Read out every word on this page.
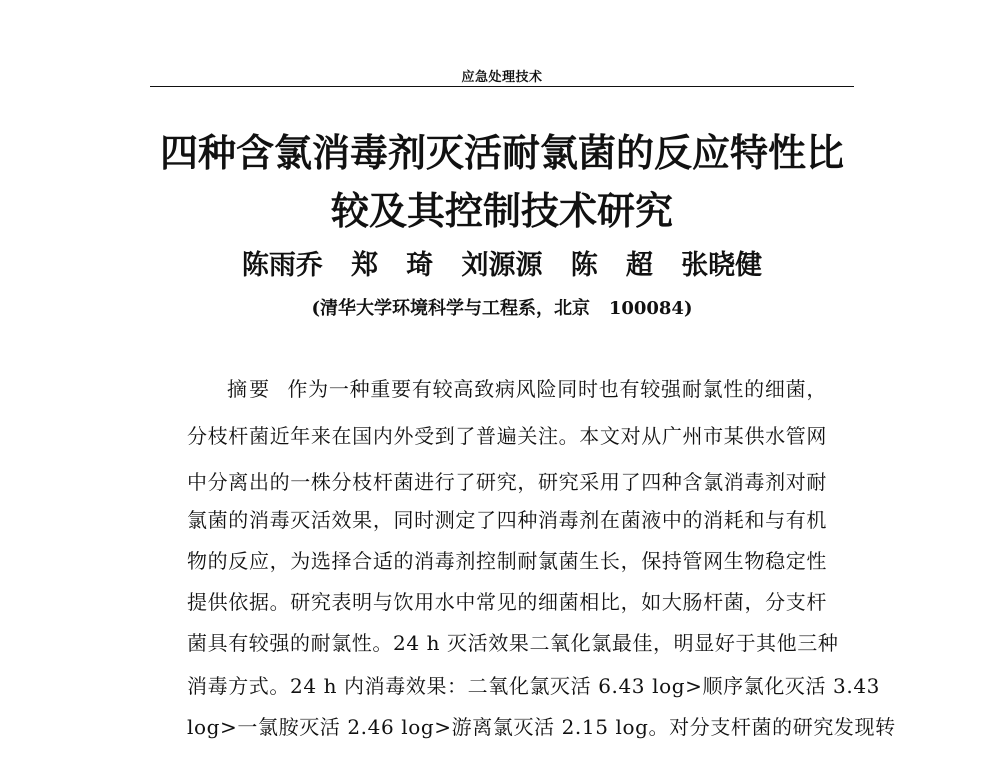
应急处理技术
四种含氯消毒剂灭活耐氯菌的反应特性比
较及其控制技术研究
陈雨乔   郑   琦   刘源源   陈   超   张晓健
(清华大学环境科学与工程系，北京   100084)
摘要 作为一种重要有较高致病风险同时也有较强耐氯性的细菌，
分枝杆菌近年来在国内外受到了普遍关注。本文对从广州市某供水管网
中分离出的一株分枝杆菌进行了研究，研究采用了四种含氯消毒剂对耐
氯菌的消毒灭活效果，同时测定了四种消毒剂在菌液中的消耗和与有机
物的反应，为选择合适的消毒剂控制耐氯菌生长，保持管网生物稳定性
提供依据。研究表明与饮用水中常见的细菌相比，如大肠杆菌，分支杆
菌具有较强的耐氯性。24 h 灭活效果二氧化氯最佳，明显好于其他三种
消毒方式。24 h 内消毒效果：二氧化氯灭活 6.43 log>顺序氯化灭活 3.43
log>一氯胺灭活 2.46 log>游离氯灭活 2.15 log。对分支杆菌的研究发现转
